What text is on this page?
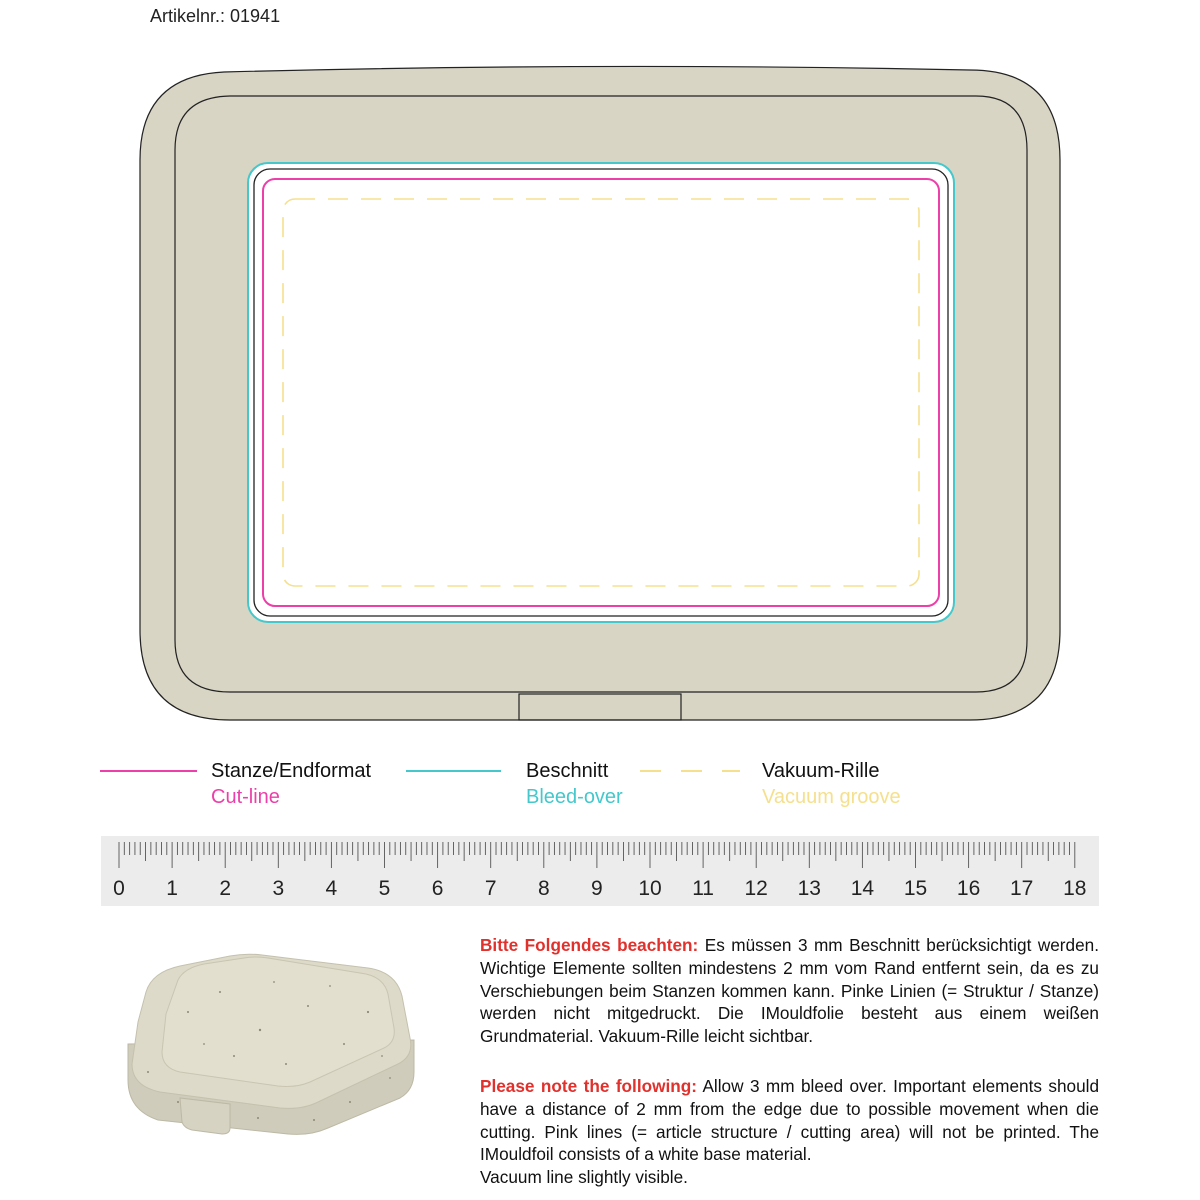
Artikelnr.: 01941
Stanze/Endformat
Cut-line
Beschnitt
Bleed-over
Vakuum-Rille
Vacuum groove
0 1 2 3 4 5 6 7 8 9 10 11 12 13 14 15 16 17 18
Bitte Folgendes beachten: Es müssen 3 mm Beschnitt berücksichtigt werden. Wichtige Elemente sollten mindestens 2 mm vom Rand entfernt sein, da es zu Verschiebungen beim Stanzen kommen kann. Pinke Linien (= Struktur / Stanze) werden nicht mitgedruckt. Die IMouldfolie besteht aus einem weißen Grundmaterial. Vakuum-Rille leicht sichtbar.
Please note the following: Allow 3 mm bleed over. Important elements should have a distance of 2 mm from the edge due to possible movement when die cutting. Pink lines (= article structure / cutting area) will not be printed. The IMouldfoil consists of a white base material.
Vacuum line slightly visible.
